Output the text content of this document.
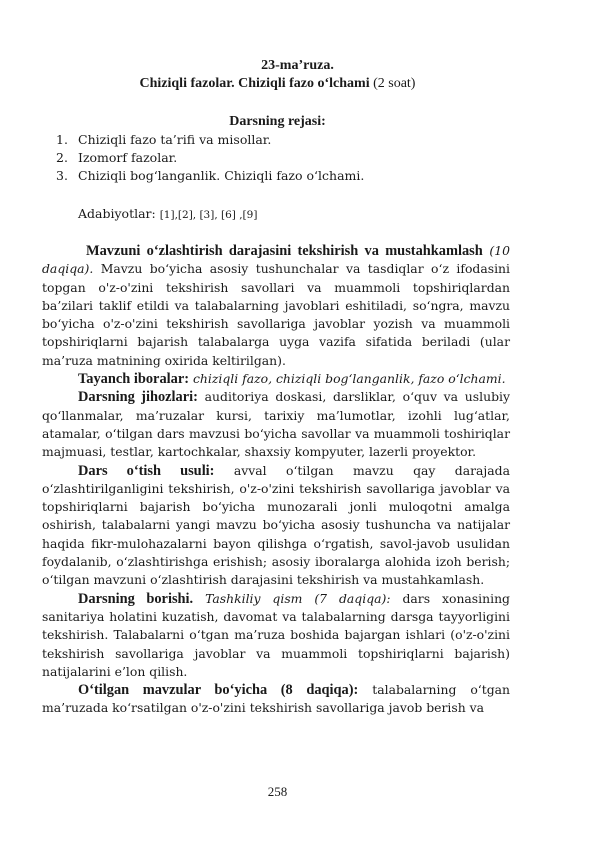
23-ma’ruza.
Chiziqli fazolar. Chiziqli fazo o‘lchami (2 soat)
Darsning rejasi:
1. Chiziqli fazo ta’rifi va misollar.
2. Izomorf fazolar.
3. Chiziqli bog‘langanlik. Chiziqli fazo o‘lchami.
Adabiyotlar: [1],[2], [3], [6] ,[9]

Mavzuni o‘zlashtirish darajasini tekshirish va mustahkamlash (10 daqiqa). Mavzu bo‘yicha asosiy tushunchalar va tasdiqlar o‘z ifodasini topgan o'z-o'zini tekshirish savollari va muammoli topshiriqlardan ba’zilari taklif etildi va talabalarning javoblari eshitiladi, so‘ngra, mavzu bo‘yicha o'z-o'zini tekshirish savollariga javoblar yozish va muammoli topshiriqlarni bajarish talabalarga uyga vazifa sifatida beriladi (ular ma’ruza matnining oxirida keltirilgan).

Tayanch iboralar: chiziqli fazo, chiziqli bog‘langanlik, fazo o‘lchami.

Darsning jihozlari: auditoriya doskasi, darsliklar, o‘quv va uslubiy qo‘llanmalar, ma’ruzalar kursi, tarixiy ma’lumotlar, izohli lug‘atlar, atamalar, o‘tilgan dars mavzusi bo‘yicha savollar va muammoli toshiriqlar majmuasi, testlar, kartochkalar, shaxsiy kompyuter, lazerli proyektor.

Dars o‘tish usuli: avval o‘tilgan mavzu qay darajada o‘zlashtirilganligini tekshirish, o'z-o'zini tekshirish savollariga javoblar va topshiriqlarni bajarish bo‘yicha munozarali jonli muloqotni amalga oshirish, talabalarni yangi mavzu bo‘yicha asosiy tushuncha va natijalar haqida fikr-mulohazalarni bayon qilishga o‘rgatish, savol-javob usulidan foydalanib, o‘zlashtirishga erishish; asosiy iboralarga alohida izoh berish; o‘tilgan mavzuni o‘zlashtirish darajasini tekshirish va mustahkamlash.

Darsning borishi. Tashkiliy qism (7 daqiqa): dars xonasining sanitariya holatini kuzatish, davomat va talabalarning darsga tayyorligini tekshirish. Talabalarni o‘tgan ma’ruza boshida bajargan ishlari (o'z-o'zini tekshirish savollariga javoblar va muammoli topshiriqlarni bajarish) natijalarini e’lon qilish.

O‘tilgan mavzular bo‘yicha (8 daqiqa): talabalarning o‘tgan ma’ruzada ko‘rsatilgan o'z-o'zini tekshirish savollariga javob berish va

258
